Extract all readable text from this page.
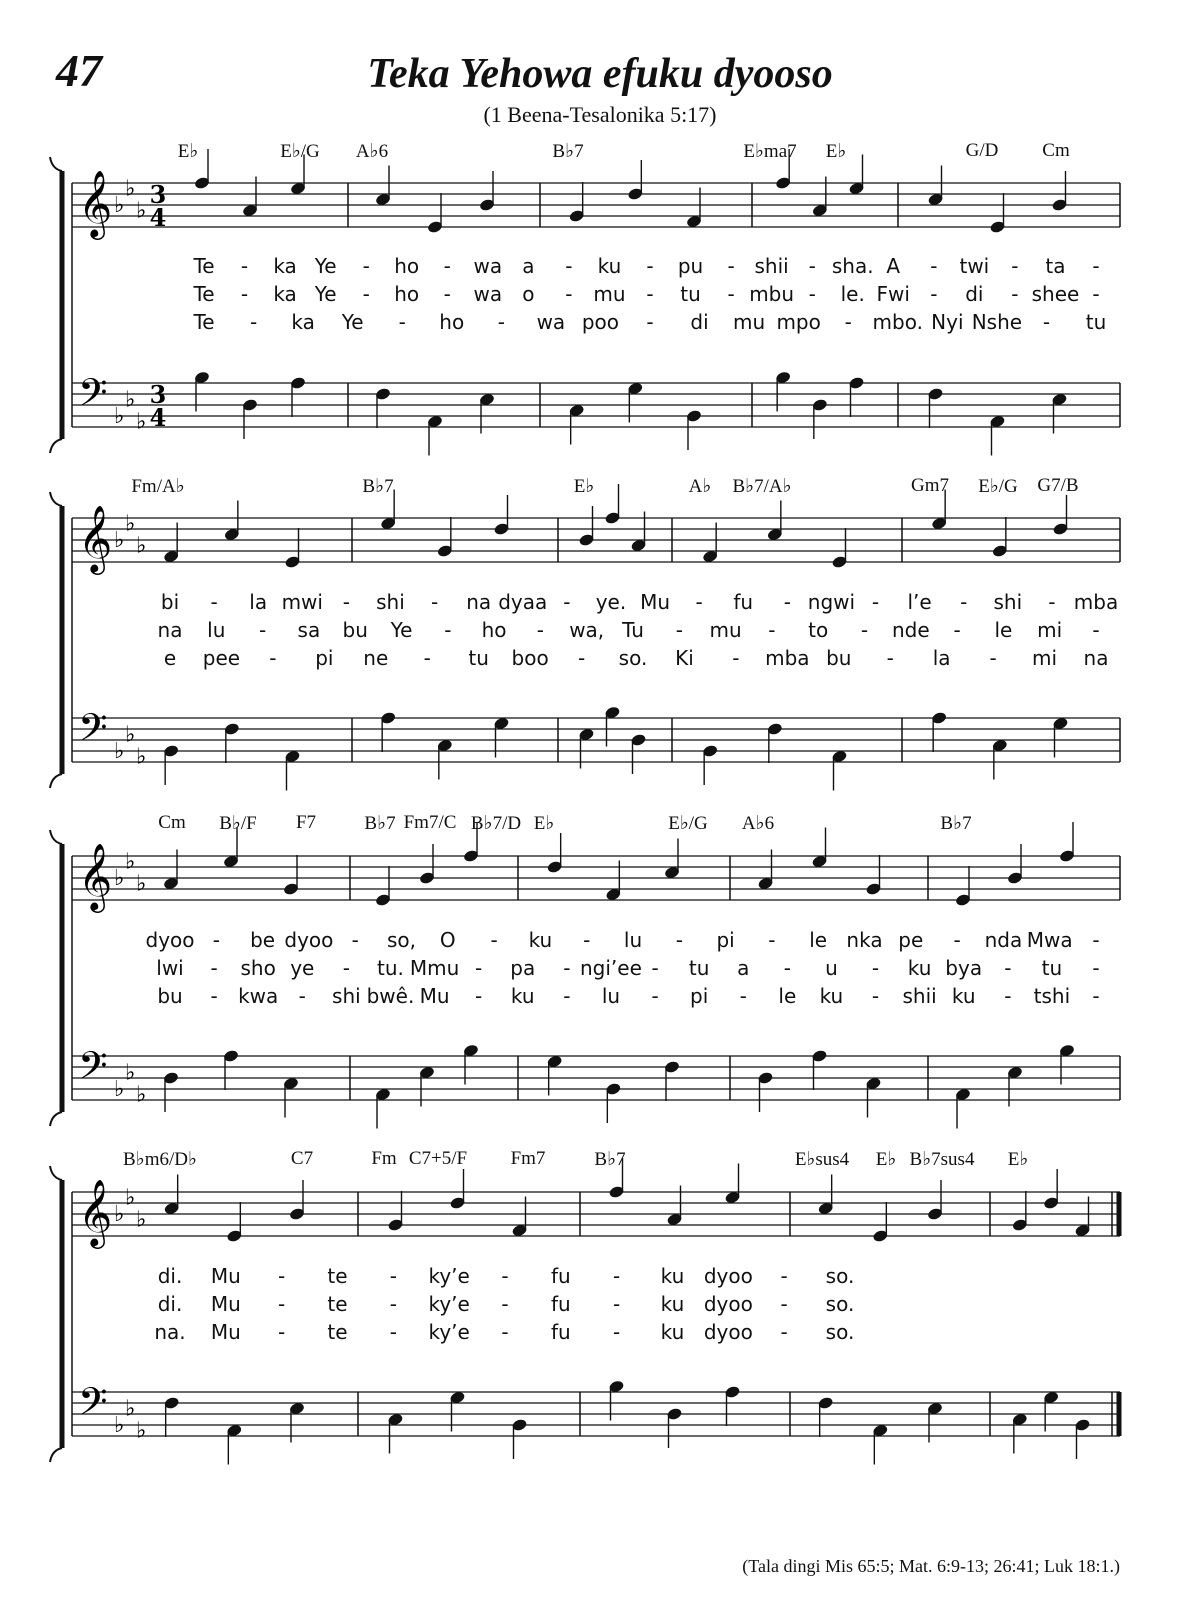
47	Teka Yehowa efuku dyooso
(1 Beena-Tesalonika 5:17)
𝄞 ♭
♭
♭
3
4
𝄢 ♭
♭
♭
3
4
E♭	E♭/G A♭6	B♭7	E♭ma7 E♭	G/D Cm
Te - ka Ye - ho - wa a - ku - pu - shii - sha. A - twi - ta -
Te - ka Ye - ho - wa o - mu - tu - mbu - le. Fwi - di - shee -
Te - ka Ye - ho - wa poo - di mu mpo - mbo. Nyi Nshe - tu
𝄞 ♭
♭
♭
𝄢 ♭
♭
♭
Fm/A♭	B♭7	E♭	A♭ B♭7/A♭	Gm7 E♭/G G7/B
bi - la mwi - shi - na dyaa - ye. Mu - fu - ngwi - l’e - shi - mba
na lu - sa bu Ye - ho - wa, Tu - mu - to - nde - le mi -
e pee - pi ne - tu boo - so. Ki - mba bu - la - mi na
𝄞 ♭
♭
♭
𝄢 ♭
♭
♭
Cm B♭/F F7	B♭7 Fm7/C B♭7/D E♭	E♭/G A♭6	B♭7
dyoo - be dyoo - so, O - ku - lu - pi - le nka pe - nda Mwa -
lwi - sho ye - tu. Mmu - pa - ngi’ee - tu a - u - ku bya - tu -
bu - kwa - shi bwê. Mu - ku - lu - pi - le ku - shii ku - tshi -
𝄞 ♭
♭
♭
𝄢 ♭
♭
♭
B♭m6/D♭	C7	Fm C7+5/F Fm7	B♭7	E♭sus4 E♭ B♭7sus4 E♭
di. Mu - te - ky’e - fu - ku dyoo - so.
di. Mu - te - ky’e - fu - ku dyoo - so.
na. Mu - te - ky’e - fu - ku dyoo - so.
(Tala dingi Mis 65:5; Mat. 6:9-13; 26:41; Luk 18:1.)
